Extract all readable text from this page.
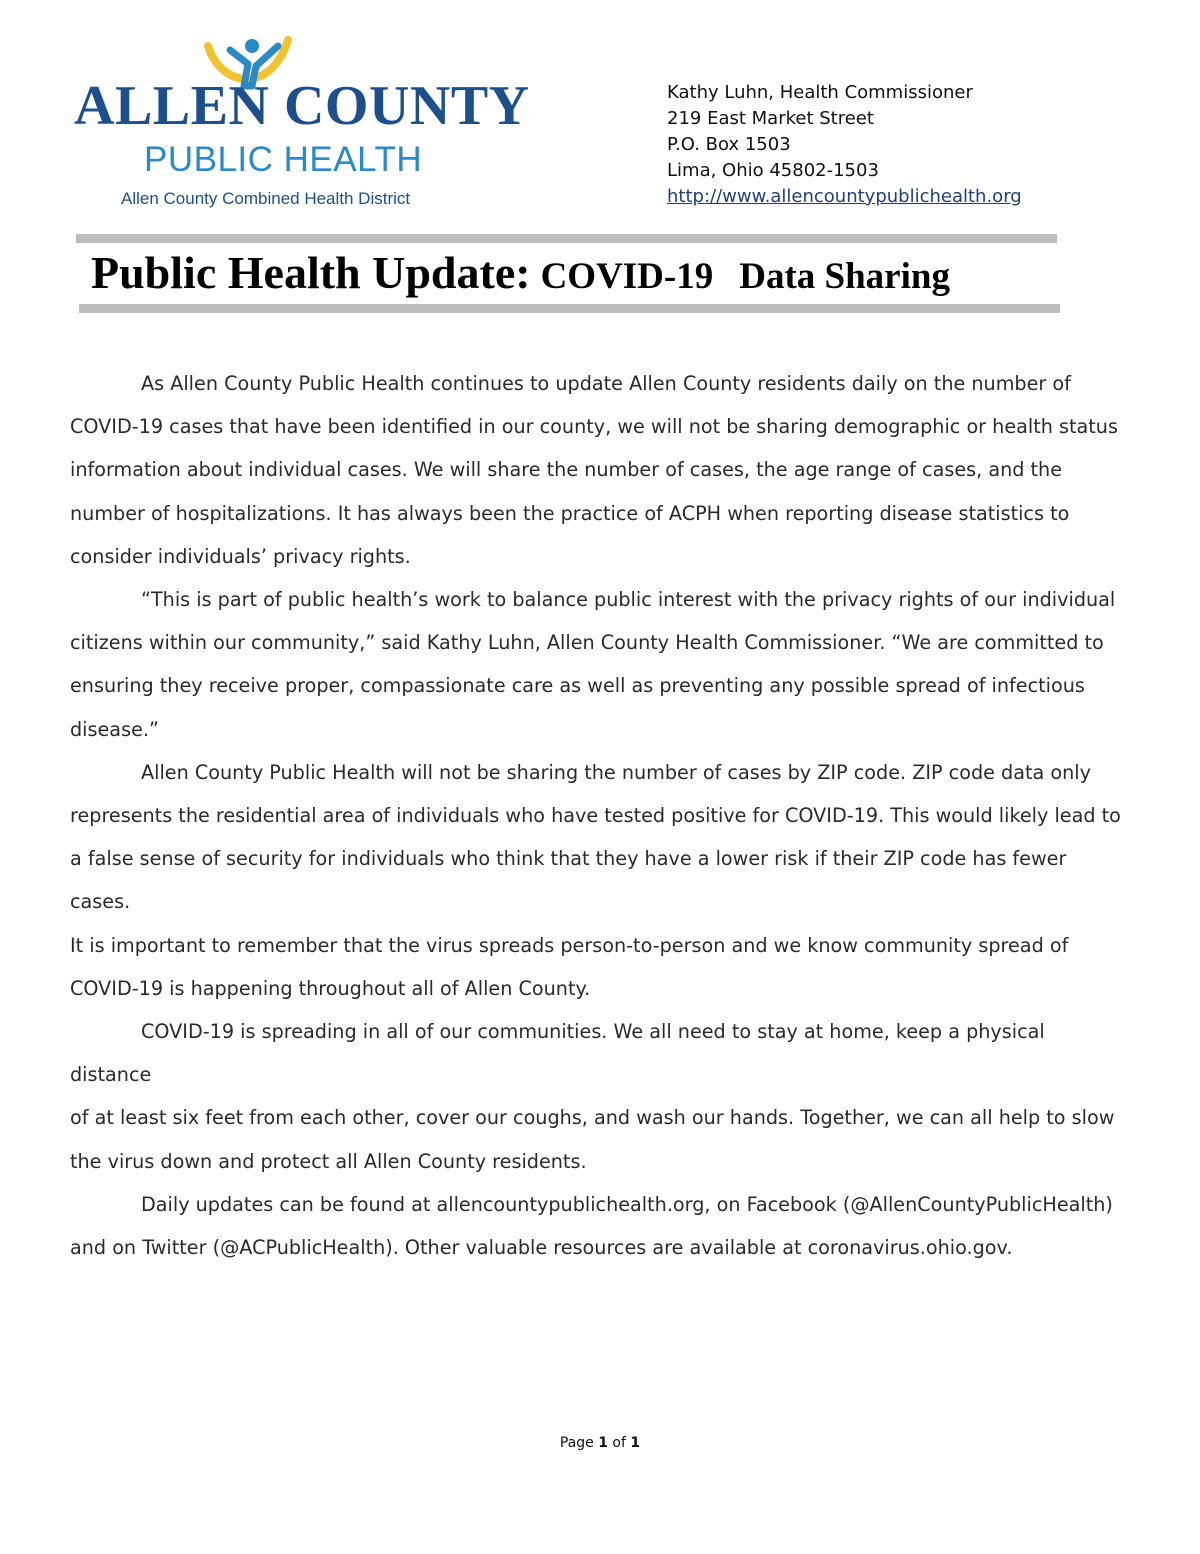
ALLEN COUNTY
PUBLIC HEALTH
Allen County Combined Health District
Kathy Luhn, Health Commissioner
219 East Market Street
P.O. Box 1503
Lima, Ohio 45802-1503
http://www.allencountypublichealth.org
Public Health Update: COVID-19 Data Sharing

As Allen County Public Health continues to update Allen County residents daily on the number of
COVID-19 cases that have been identified in our county, we will not be sharing demographic or health status
information about individual cases. We will share the number of cases, the age range of cases, and the
number of hospitalizations. It has always been the practice of ACPH when reporting disease statistics to
consider individuals’ privacy rights.

“This is part of public health’s work to balance public interest with the privacy rights of our individual
citizens within our community,” said Kathy Luhn, Allen County Health Commissioner. “We are committed to
ensuring they receive proper, compassionate care as well as preventing any possible spread of infectious
disease.”

Allen County Public Health will not be sharing the number of cases by ZIP code. ZIP code data only
represents the residential area of individuals who have tested positive for COVID-19. This would likely lead to
a false sense of security for individuals who think that they have a lower risk if their ZIP code has fewer cases.
It is important to remember that the virus spreads person-to-person and we know community spread of
COVID-19 is happening throughout all of Allen County.

COVID-19 is spreading in all of our communities. We all need to stay at home, keep a physical distance
of at least six feet from each other, cover our coughs, and wash our hands. Together, we can all help to slow
the virus down and protect all Allen County residents.

Daily updates can be found at allencountypublichealth.org, on Facebook (@AllenCountyPublicHealth)
and on Twitter (@ACPublicHealth). Other valuable resources are available at coronavirus.ohio.gov.

Page 1 of 1
